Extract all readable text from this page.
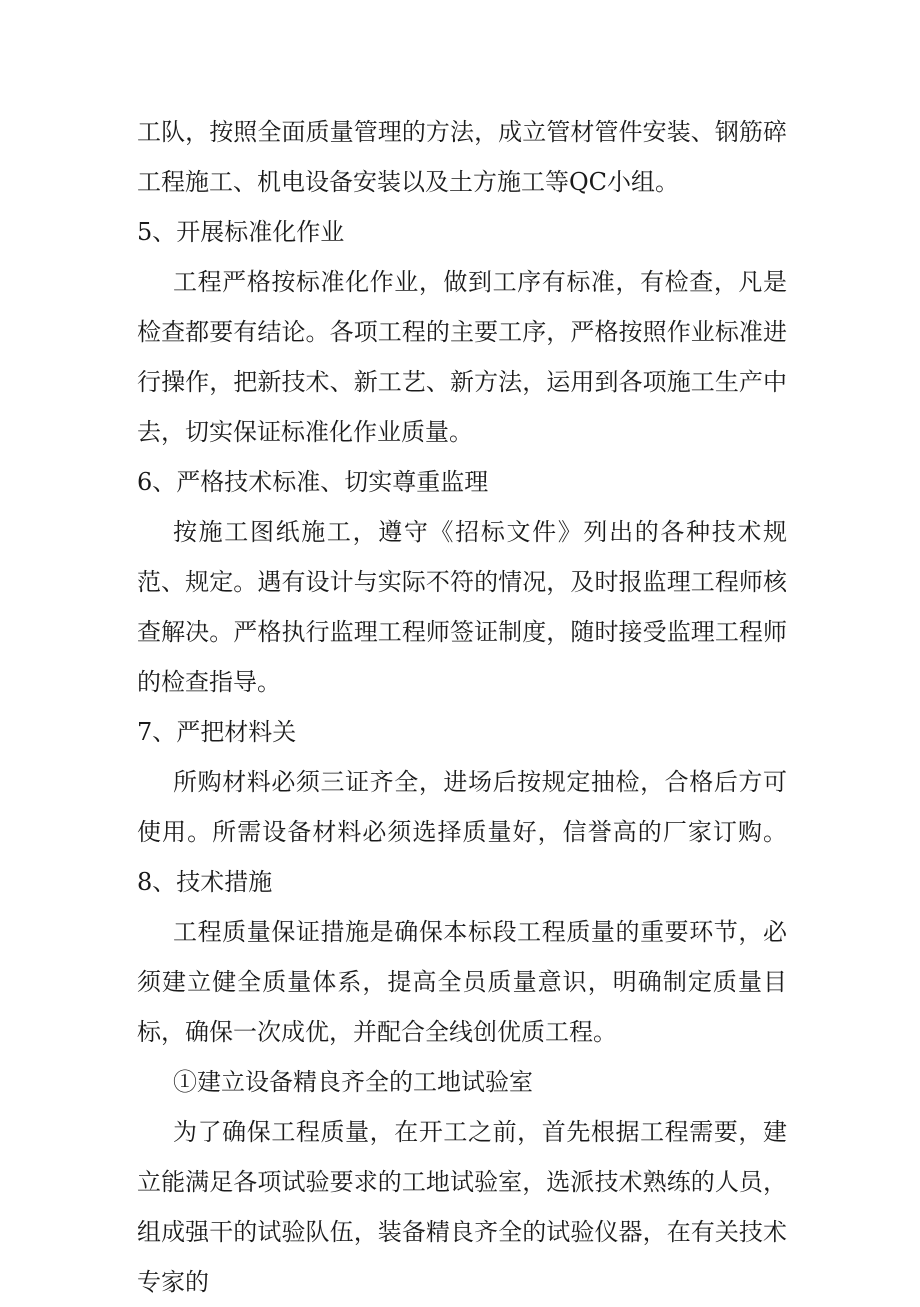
工队，按照全面质量管理的方法，成立管材管件安装、钢筋碎工程施工、机电设备安装以及土方施工等QC小组。

5、开展标准化作业

工程严格按标准化作业，做到工序有标准，有检查，凡是检查都要有结论。各项工程的主要工序，严格按照作业标准进行操作，把新技术、新工艺、新方法，运用到各项施工生产中去，切实保证标准化作业质量。

6、严格技术标准、切实尊重监理

按施工图纸施工，遵守《招标文件》列出的各种技术规范、规定。遇有设计与实际不符的情况，及时报监理工程师核查解决。严格执行监理工程师签证制度，随时接受监理工程师的检查指导。

7、严把材料关

所购材料必须三证齐全，进场后按规定抽检，合格后方可使用。所需设备材料必须选择质量好，信誉高的厂家订购。8、技术措施

工程质量保证措施是确保本标段工程质量的重要环节，必须建立健全质量体系，提高全员质量意识，明确制定质量目标，确保一次成优，并配合全线创优质工程。

①建立设备精良齐全的工地试验室

为了确保工程质量，在开工之前，首先根据工程需要，建立能满足各项试验要求的工地试验室，选派技术熟练的人员，组成强干的试验队伍，装备精良齐全的试验仪器，在有关技术专家的
